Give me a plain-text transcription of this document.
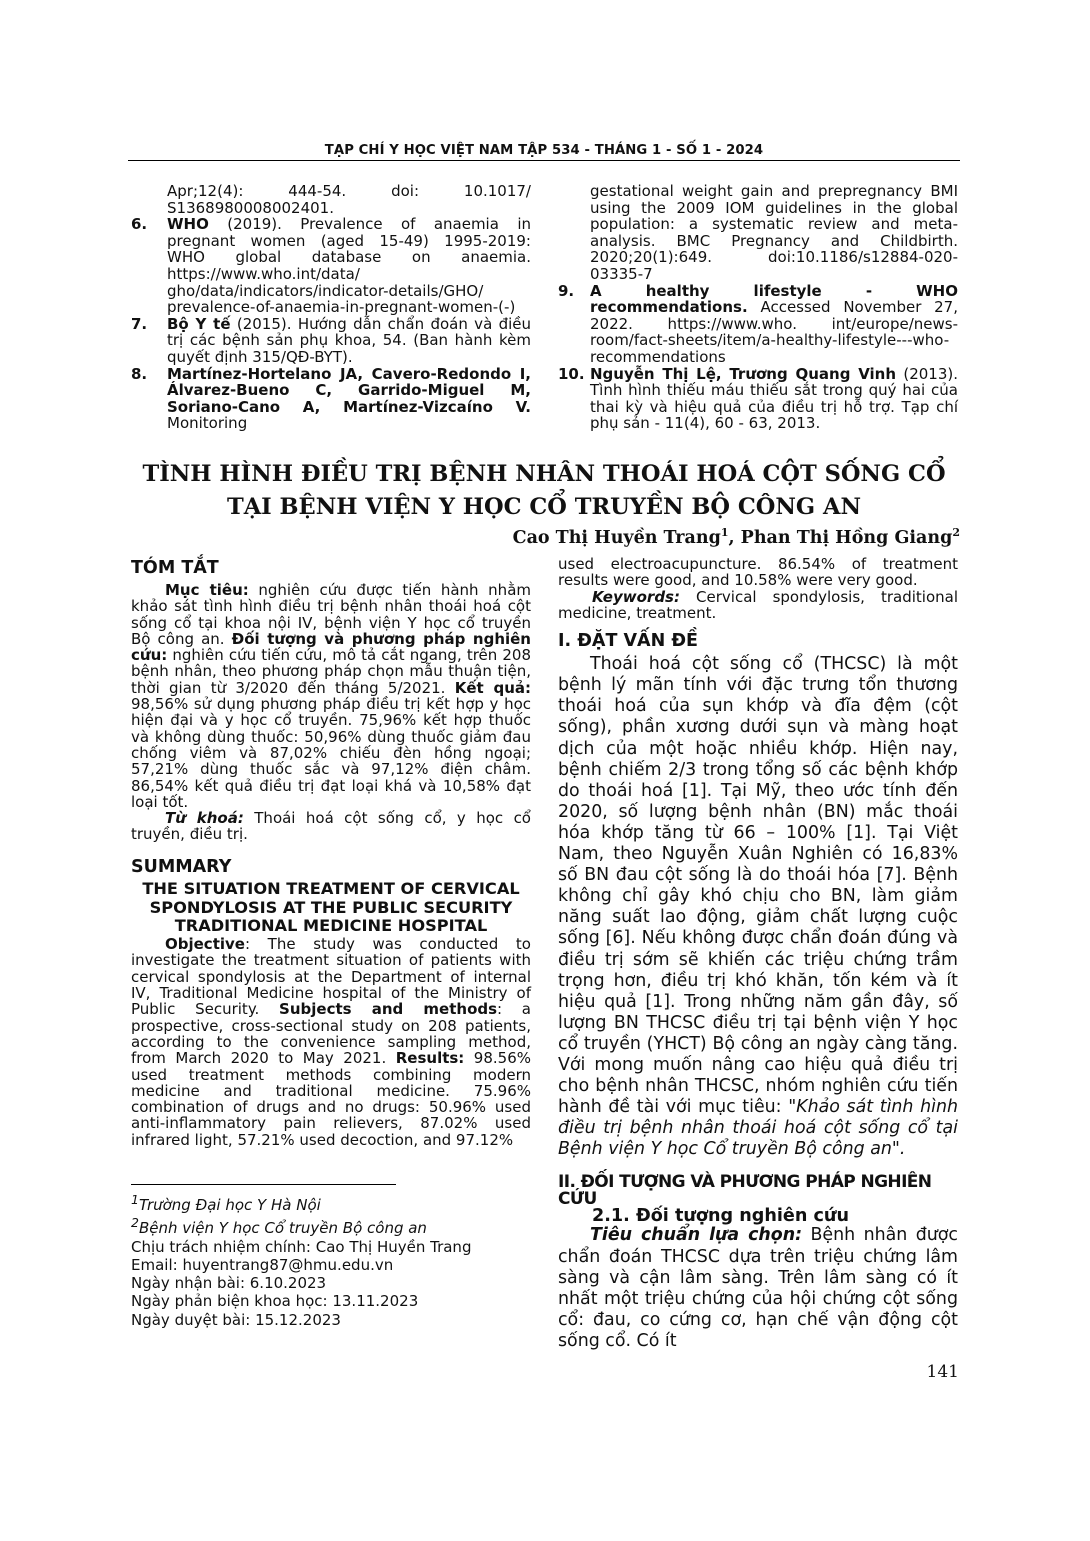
TẠP CHÍ Y HỌC VIỆT NAM TẬP 534 - THÁNG 1 - SỐ 1 - 2024

Apr;12(4): 444-54. doi: 10.1017/ S1368980008002401.

6. WHO (2019). Prevalence of anaemia in pregnant women (aged 15-49) 1995-2019: WHO global database on anaemia. https://www.who.int/data/ gho/data/indicators/indicator-details/GHO/ prevalence-of-anaemia-in-pregnant-women-(-)

7. Bộ Y tế (2015). Hướng dẫn chẩn đoán và điều trị các bệnh sản phụ khoa, 54. (Ban hành kèm quyết định 315/QĐ-BYT).

8. Martínez-Hortelano JA, Cavero-Redondo I, Álvarez-Bueno C, Garrido-Miguel M, Soriano-Cano A, Martínez-Vizcaíno V. Monitoring

gestational weight gain and prepregnancy BMI using the 2009 IOM guidelines in the global population: a systematic review and meta-analysis. BMC Pregnancy and Childbirth. 2020;20(1):649. doi:10.1186/s12884-020-03335-7

9. A healthy lifestyle - WHO recommendations. Accessed November 27, 2022. https://www.who. int/europe/news-room/fact-sheets/item/a-healthy-lifestyle---who-recommendations

10. Nguyễn Thị Lệ, Trương Quang Vinh (2013). Tình hình thiếu máu thiếu sắt trong quý hai của thai kỳ và hiệu quả của điều trị hỗ trợ. Tạp chí phụ sản - 11(4), 60 - 63, 2013.

TÌNH HÌNH ĐIỀU TRỊ BỆNH NHÂN THOÁI HOÁ CỘT SỐNG CỔ
TẠI BỆNH VIỆN Y HỌC CỔ TRUYỀN BỘ CÔNG AN
Cao Thị Huyền Trang$^1$, Phan Thị Hồng Giang$^2$
TÓM TẮT

Mục tiêu: nghiên cứu được tiến hành nhằm khảo sát tình hình điều trị bệnh nhân thoái hoá cột sống cổ tại khoa nội IV, bệnh viện Y học cổ truyền Bộ công an. Đối tượng và phương pháp nghiên cứu: nghiên cứu tiến cứu, mô tả cắt ngang, trên 208 bệnh nhân, theo phương pháp chọn mẫu thuận tiện, thời gian từ 3/2020 đến tháng 5/2021. Kết quả: 98,56% sử dụng phương pháp điều trị kết hợp y học hiện đại và y học cổ truyền. 75,96% kết hợp thuốc và không dùng thuốc: 50,96% dùng thuốc giảm đau chống viêm và 87,02% chiếu đèn hồng ngoại; 57,21% dùng thuốc sắc và 97,12% điện châm. 86,54% kết quả điều trị đạt loại khá và 10,58% đạt loại tốt.

Từ khoá: Thoái hoá cột sống cổ, y học cổ truyền, điều trị.

SUMMARY
THE SITUATION TREATMENT OF CERVICAL SPONDYLOSIS AT THE PUBLIC SECURITY TRADITIONAL MEDICINE HOSPITAL

Objective: The study was conducted to investigate the treatment situation of patients with cervical spondylosis at the Department of internal IV, Traditional Medicine hospital of the Ministry of Public Security. Subjects and methods: a prospective, cross-sectional study on 208 patients, according to the convenience sampling method, from March 2020 to May 2021. Results: 98.56% used treatment methods combining modern medicine and traditional medicine. 75.96% combination of drugs and no drugs: 50.96% used anti-inflammatory pain relievers, 87.02% used infrared light, 57.21% used decoction, and 97.12%

$^1$Trường Đại học Y Hà Nội
$^2$Bệnh viện Y học Cổ truyền Bộ công an
Chịu trách nhiệm chính: Cao Thị Huyền Trang
Email: huyentrang87@hmu.edu.vn
Ngày nhận bài: 6.10.2023
Ngày phản biện khoa học: 13.11.2023
Ngày duyệt bài: 15.12.2023

used electroacupuncture. 86.54% of treatment results were good, and 10.58% were very good.

Keywords: Cervical spondylosis, traditional medicine, treatment.

I. ĐẶT VẤN ĐỀ

Thoái hoá cột sống cổ (THCSC) là một bệnh lý mãn tính với đặc trưng tổn thương thoái hoá của sụn khớp và đĩa đệm (cột sống), phần xương dưới sụn và màng hoạt dịch của một hoặc nhiều khớp. Hiện nay, bệnh chiếm 2/3 trong tổng số các bệnh khớp do thoái hoá [1]. Tại Mỹ, theo ước tính đến 2020, số lượng bệnh nhân (BN) mắc thoái hóa khớp tăng từ 66 – 100% [1]. Tại Việt Nam, theo Nguyễn Xuân Nghiên có 16,83% số BN đau cột sống là do thoái hóa [7]. Bệnh không chỉ gây khó chịu cho BN, làm giảm năng suất lao động, giảm chất lượng cuộc sống [6]. Nếu không được chẩn đoán đúng và điều trị sớm sẽ khiến các triệu chứng trầm trọng hơn, điều trị khó khăn, tốn kém và ít hiệu quả [1]. Trong những năm gần đây, số lượng BN THCSC điều trị tại bệnh viện Y học cổ truyền (YHCT) Bộ công an ngày càng tăng. Với mong muốn nâng cao hiệu quả điều trị cho bệnh nhân THCSC, nhóm nghiên cứu tiến hành đề tài với mục tiêu: "Khảo sát tình hình điều trị bệnh nhân thoái hoá cột sống cổ tại Bệnh viện Y học Cổ truyền Bộ công an".

II. ĐỐI TƯỢNG VÀ PHƯƠNG PHÁP NGHIÊN CỨU
2.1. Đối tượng nghiên cứu

Tiêu chuẩn lựa chọn: Bệnh nhân được chẩn đoán THCSC dựa trên triệu chứng lâm sàng và cận lâm sàng. Trên lâm sàng có ít nhất một triệu chứng của hội chứng cột sống cổ: đau, co cứng cơ, hạn chế vận động cột sống cổ. Có ít

141
